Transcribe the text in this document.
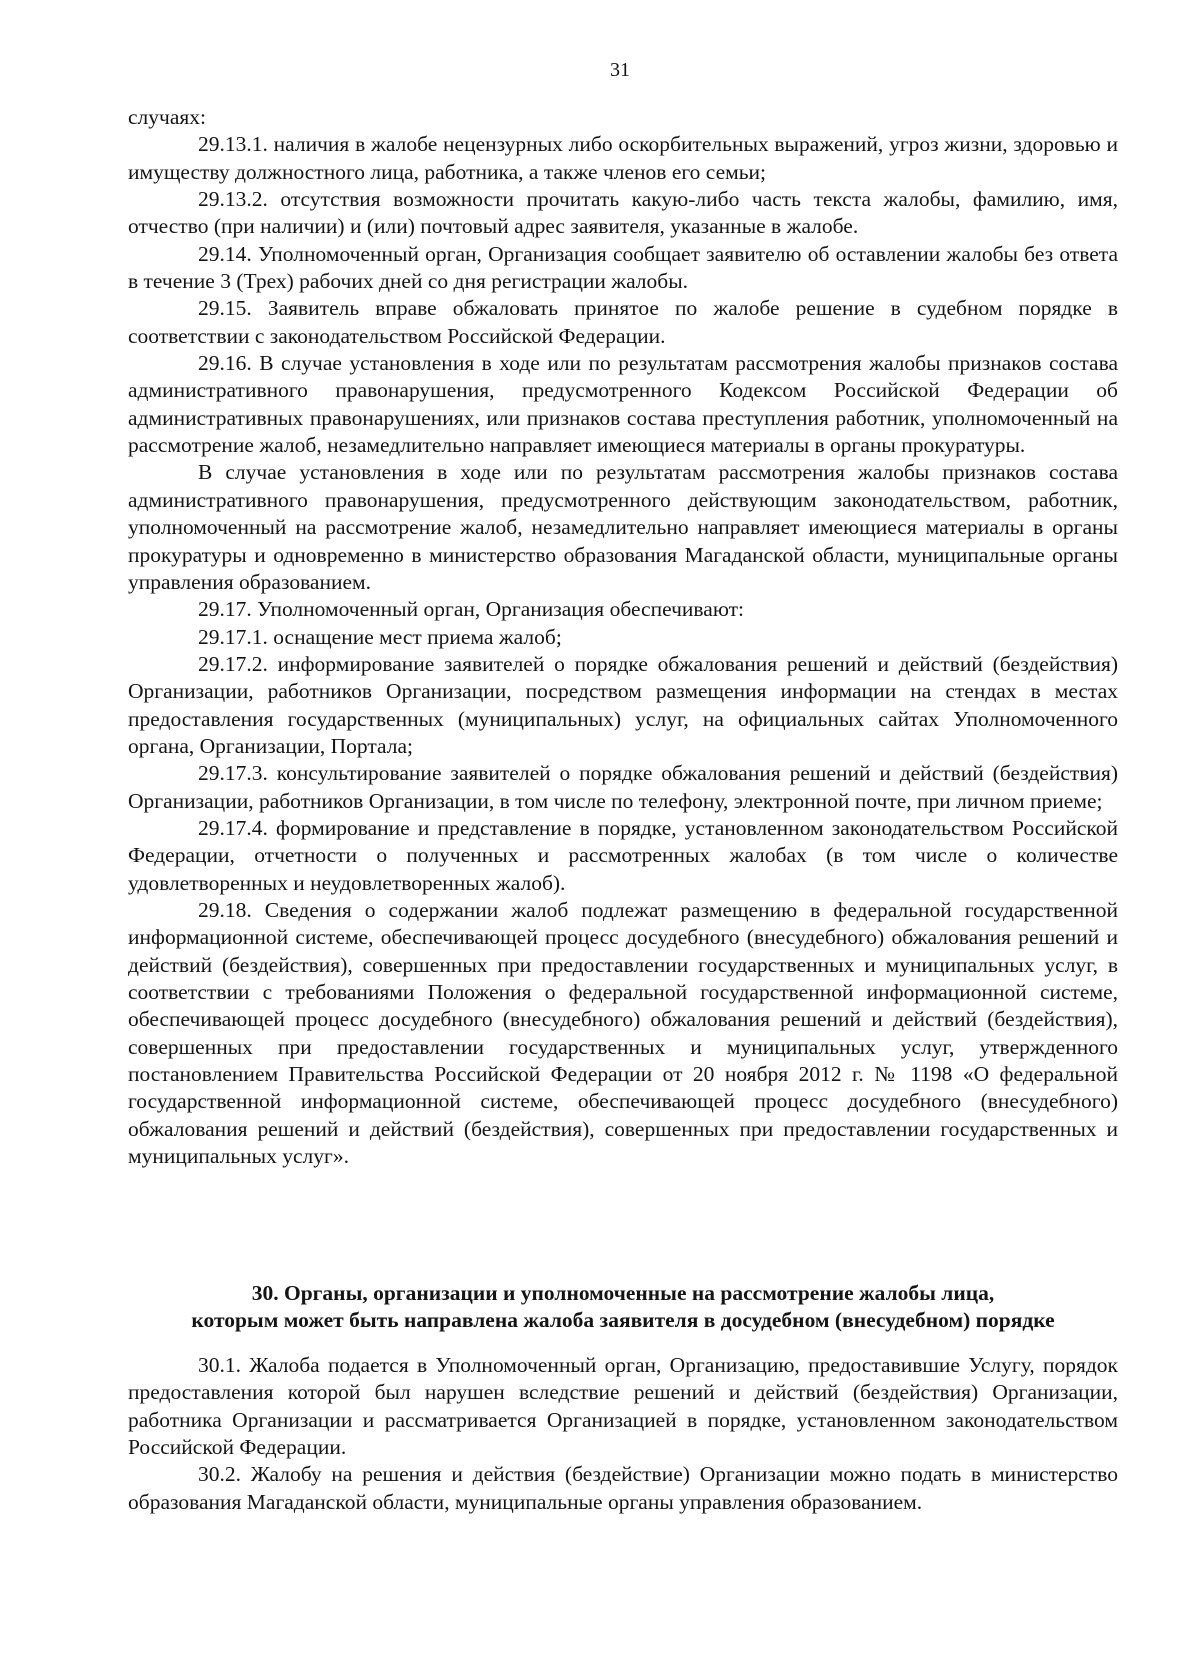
31

случаях:

29.13.1. наличия в жалобе нецензурных либо оскорбительных выражений, угроз жизни, здоровью и имуществу должностного лица, работника, а также членов его семьи;

29.13.2. отсутствия возможности прочитать какую-либо часть текста жалобы, фамилию, имя, отчество (при наличии) и (или) почтовый адрес заявителя, указанные в жалобе.

29.14. Уполномоченный орган, Организация сообщает заявителю об оставлении жалобы без ответа в течение 3 (Трех) рабочих дней со дня регистрации жалобы.

29.15. Заявитель вправе обжаловать принятое по жалобе решение в судебном порядке в соответствии с законодательством Российской Федерации.

29.16. В случае установления в ходе или по результатам рассмотрения жалобы признаков состава административного правонарушения, предусмотренного Кодексом Российской Федерации об административных правонарушениях, или признаков состава преступления работник, уполномоченный на рассмотрение жалоб, незамедлительно направляет имеющиеся материалы в органы прокуратуры.

В случае установления в ходе или по результатам рассмотрения жалобы признаков состава административного правонарушения, предусмотренного действующим законодательством, работник, уполномоченный на рассмотрение жалоб, незамедлительно направляет имеющиеся материалы в органы прокуратуры и одновременно в министерство образования Магаданской области, муниципальные органы управления образованием.

29.17. Уполномоченный орган, Организация обеспечивают:

29.17.1. оснащение мест приема жалоб;

29.17.2. информирование заявителей о порядке обжалования решений и действий (бездействия) Организации, работников Организации, посредством размещения информации на стендах в местах предоставления государственных (муниципальных) услуг, на официальных сайтах Уполномоченного органа, Организации, Портала;

29.17.3. консультирование заявителей о порядке обжалования решений и действий (бездействия) Организации, работников Организации, в том числе по телефону, электронной почте, при личном приеме;

29.17.4. формирование и представление в порядке, установленном законодательством Российской Федерации, отчетности о полученных и рассмотренных жалобах (в том числе о количестве удовлетворенных и неудовлетворенных жалоб).

29.18. Сведения о содержании жалоб подлежат размещению в федеральной государственной информационной системе, обеспечивающей процесс досудебного (внесудебного) обжалования решений и действий (бездействия), совершенных при предоставлении государственных и муниципальных услуг, в соответствии с требованиями Положения о федеральной государственной информационной системе, обеспечивающей процесс досудебного (внесудебного) обжалования решений и действий (бездействия), совершенных при предоставлении государственных и муниципальных услуг, утвержденного постановлением Правительства Российской Федерации от 20 ноября 2012 г. № 1198 «О федеральной государственной информационной системе, обеспечивающей процесс досудебного (внесудебного) обжалования решений и действий (бездействия), совершенных при предоставлении государственных и муниципальных услуг».

30. Органы, организации и уполномоченные на рассмотрение жалобы лица,
которым может быть направлена жалоба заявителя в досудебном (внесудебном) порядке

30.1. Жалоба подается в Уполномоченный орган, Организацию, предоставившие Услугу, порядок предоставления которой был нарушен вследствие решений и действий (бездействия) Организации, работника Организации и рассматривается Организацией в порядке, установленном законодательством Российской Федерации.

30.2. Жалобу на решения и действия (бездействие) Организации можно подать в министерство образования Магаданской области, муниципальные органы управления образованием.
